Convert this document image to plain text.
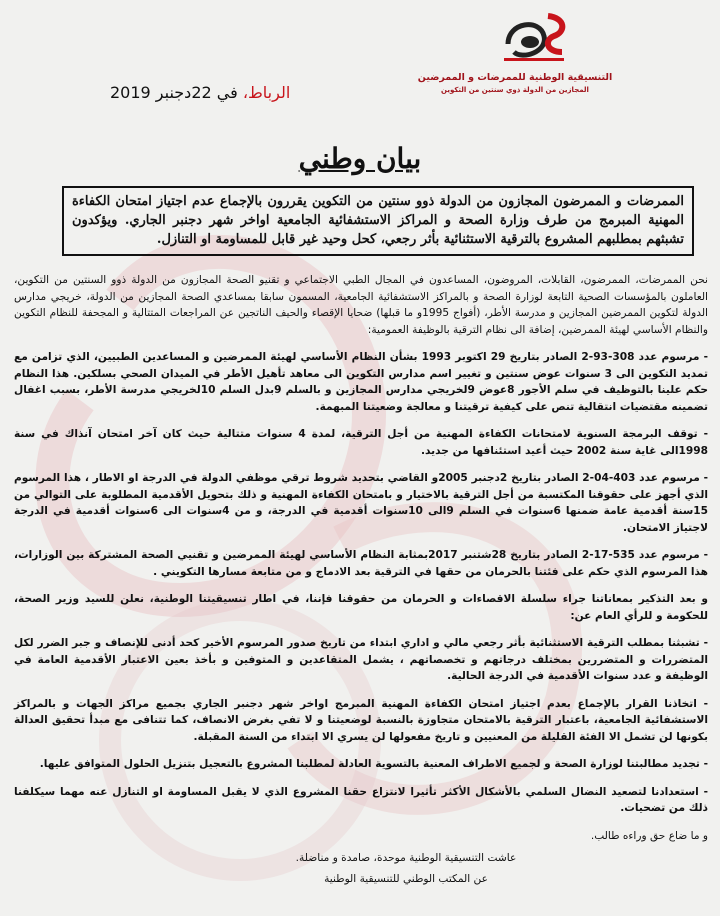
التنسيقية الوطنية للممرضات و الممرضين
المجازين من الدولة ذوي سنتين من التكوين
الرباط، في 22دجنبر 2019
بيان وطني
الممرضات و الممرضون المجازون من الدولة ذوو سنتين من التكوين يقررون بالإجماع عدم اجتياز امتحان الكفاءة المهنية المبرمج من طرف وزارة الصحة و المراكز الاستشفائية الجامعية اواخر شهر دجنبر الجاري. ويؤكدون تشبثهم بمطلبهم المشروع بالترقية الاستثنائية بأثر رجعي، كحل وحيد غير قابل للمساومة او التنازل.

نحن الممرضات، الممرضون، القابلات، المروضون، المساعدون في المجال الطبي الاجتماعي و تقنيو الصحة المجازون من الدولة ذوو السنتين من التكوين، العاملون بالمؤسسات الصحية التابعة لوزارة الصحة و بالمراكز الاستشفائية الجامعية، المسمون سابقا بمساعدي الصحة المجازين من الدولة، خريجي مدارس الدولة لتكوين الممرضين المجازين و مدرسة الأطر، (أفواج 1995و ما قبلها) ضحايا الإقصاء والحيف الناتجين عن المراجعات المتتالية و المجحفة للنظام التكوين والنظام الأساسي لهيئة الممرضين، إضافة الى نظام الترقية بالوظيفة العمومية:

- مرسوم عدد 308-93-2 الصادر بتاريخ 29 اكتوبر 1993 بشأن النظام الأساسي لهيئة الممرضين و المساعدين الطبيين، الذي تزامن مع تمديد التكوين الى 3 سنوات عوض سنتين و تغيير اسم مدارس التكوين الى معاهد تأهيل الأطر في الميدان الصحي بسلكين. هذا النظام حكم علينا بالتوظيف في سلم الأجور 8عوض 9لخريجي مدارس المجازين و بالسلم 9بدل السلم 10لخريجي مدرسة الأطر، بسبب اغفال تضمينه مقتضيات انتقالية تنص على كيفية ترقيتنا و معالجة وضعيتنا المبهمة.

- توقف البرمجة السنوية لامتحانات الكفاءة المهنية من أجل الترقية، لمدة 4 سنوات متتالية حيث كان آخر امتحان آنذاك في سنة 1998الى غاية سنة 2002 حيث أعيد استئنافها من جديد.

- مرسوم عدد 403-04-2 الصادر بتاريخ 2دجنبر 2005و القاضي بتحديد شروط ترقي موظفي الدولة في الدرجة او الاطار ، هذا المرسوم الذي أجهز على حقوقنا المكتسبة من أجل الترقية بالاختيار و بامتحان الكفاءة المهنية و ذلك بتحويل الأقدمية المطلوبة على التوالي من 15سنة أقدمية عامة ضمنها 6سنوات في السلم 9الى 10سنوات أقدمية في الدرجة، و من 4سنوات الى 6سنوات أقدمية في الدرجة لاجتياز الامتحان.

- مرسوم عدد 535-17-2 الصادر بتاريخ 28شتنبر 2017بمثابة النظام الأساسي لهيئة الممرضين و تقنيي الصحة المشتركة بين الوزارات، هذا المرسوم الذي حكم على فئتنا بالحرمان من حقها في الترقية بعد الادماج و من متابعة مسارها التكويني .

و بعد التذكير بمعاناتنا جراء سلسلة الاقصاءات و الحرمان من حقوقنا فإننا، في اطار تنسيقيتنا الوطنية، نعلن للسيد وزير الصحة، للحكومة و للرأي العام عن:

- تشبثنا بمطلب الترقية الاستثنائية بأثر رجعي مالي و اداري ابتداء من تاريخ صدور المرسوم الأخير كحد أدنى للإنصاف و جبر الضرر لكل المتضررات و المتضررين بمختلف درجاتهم و تخصصاتهم ، يشمل المتقاعدين و المتوفين و بأخذ بعين الاعتبار الأقدمية العامة في الوظيفة و عدد سنوات الأقدمية في الدرجة الحالية.

- اتخاذنا القرار بالإجماع بعدم اجتياز امتحان الكفاءة المهنية المبرمج اواخر شهر دجنبر الجاري بجميع مراكز الجهات و بالمراكز الاستشفائية الجامعية، باعتبار الترقية بالامتحان متجاوزة بالنسبة لوضعيتنا و لا تفي بغرض الانصاف، كما تتنافى مع مبدأ تحقيق العدالة بكونها لن تشمل الا الفئة القليلة من المعنيين و تاريخ مفعولها لن يسري الا ابتداء من السنة المقبلة.

- تجديد مطالبتنا لوزارة الصحة و لجميع الاطراف المعنية بالتسوية العادلة لمطلبنا المشروع بالتعجيل بتنزيل الحلول المتوافق عليها.

- استعدادنا لتصعيد النضال السلمي بالأشكال الأكثر تأثيرا لانتزاع حقنا المشروع الذي لا يقبل المساومة او التنازل عنه مهما سيكلفنا ذلك من تضحيات.

و ما ضاع حق وراءه طالب.

عاشت التنسيقية الوطنية موحدة، صامدة و مناضلة.

عن المكتب الوطني للتنسيقية الوطنية
